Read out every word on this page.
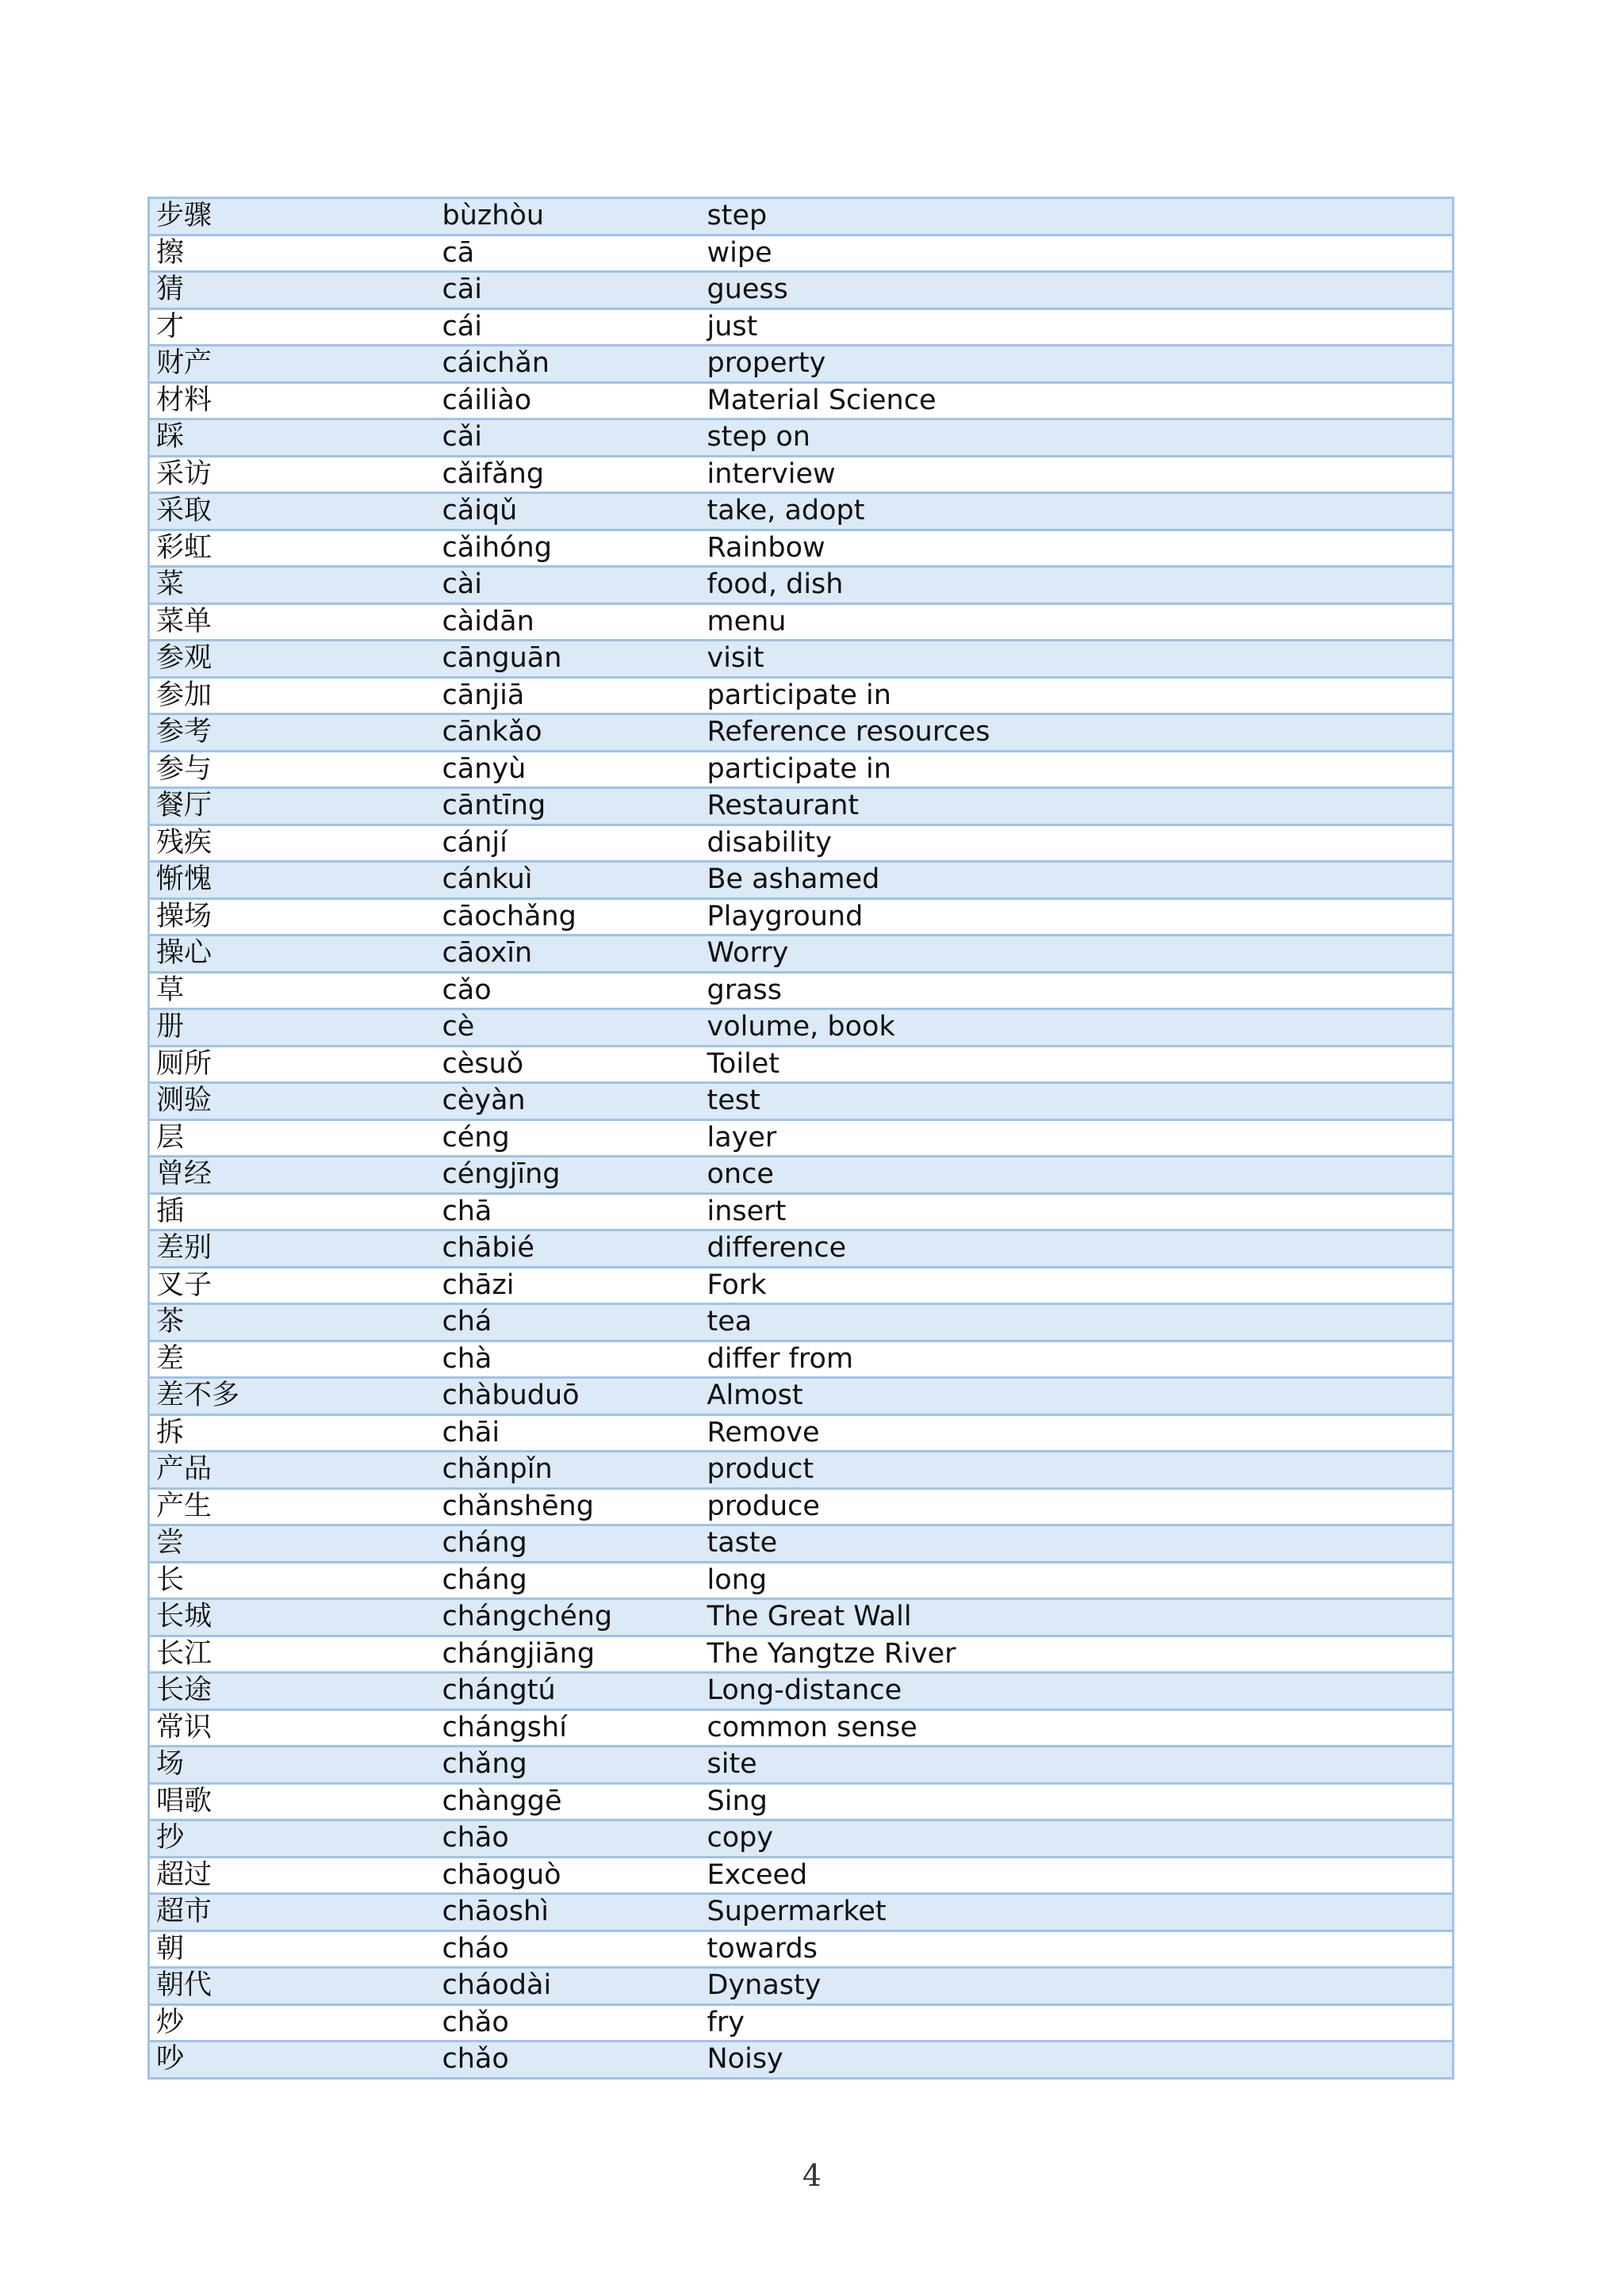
步骤	bùzhòu	step
擦	cā	wipe
猜	cāi	guess
才	cái	just
财产	cáichǎn	property
材料	cáiliào	Material Science
踩	cǎi	step on
采访	cǎifǎng	interview
采取	cǎiqǔ	take, adopt
彩虹	cǎihóng	Rainbow
菜	cài	food, dish
菜单	càidān	menu
参观	cānguān	visit
参加	cānjiā	participate in
参考	cānkǎo	Reference resources
参与	cānyù	participate in
餐厅	cāntīng	Restaurant
残疾	cánjí	disability
惭愧	cánkuì	Be ashamed
操场	cāochǎng	Playground
操心	cāoxīn	Worry
草	cǎo	grass
册	cè	volume, book
厕所	cèsuǒ	Toilet
测验	cèyàn	test
层	céng	layer
曾经	céngjīng	once
插	chā	insert
差别	chābié	difference
叉子	chāzi	Fork
茶	chá	tea
差	chà	differ from
差不多	chàbuduō	Almost
拆	chāi	Remove
产品	chǎnpǐn	product
产生	chǎnshēng	produce
尝	cháng	taste
长	cháng	long
长城	chángchéng	The Great Wall
长江	chángjiāng	The Yangtze River
长途	chángtú	Long-distance
常识	chángshí	common sense
场	chǎng	site
唱歌	chànggē	Sing
抄	chāo	copy
超过	chāoguò	Exceed
超市	chāoshì	Supermarket
朝	cháo	towards
朝代	cháodài	Dynasty
炒	chǎo	fry
吵	chǎo	Noisy
4
